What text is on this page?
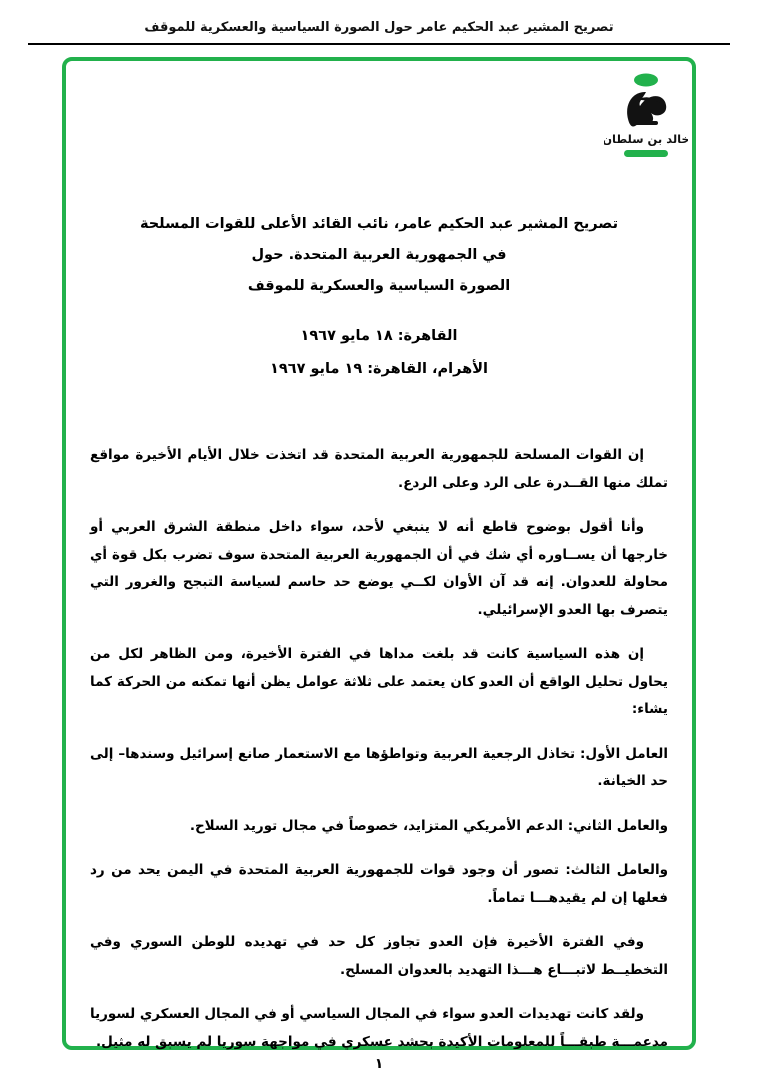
تصريح المشير عبد الحكيم عامر حول الصورة السياسية والعسكرية للموقف
خالد بن سلطان
تصريح المشير عبد الحكيم عامر، نائب القائد الأعلى للقوات المسلحة
في الجمهورية العربية المتحدة. حول
الصورة السياسية والعسكرية للموقف
القاهرة: ١٨ مايو ١٩٦٧
الأهرام، القاهرة: ١٩ مايو ١٩٦٧

إن القوات المسلحة للجمهورية العربية المتحدة قد اتخذت خلال الأيام الأخيرة مواقع تملك منها القــدرة على الرد وعلى الردع.

وأنا أقول بوضوح قاطع أنه لا ينبغي لأحد، سواء داخل منطقة الشرق العربي أو خارجها أن يســاوره أي شك في أن الجمهورية العربية المتحدة سوف تضرب بكل قوة أي محاولة للعدوان. إنه قد آن الأوان لكــي يوضع حد حاسم لسياسة التبجح والغرور التي يتصرف بها العدو الإسرائيلي.

إن هذه السياسية كانت قد بلغت مداها في الفترة الأخيرة، ومن الظاهر لكل من يحاول تحليل الواقع أن العدو كان يعتمد على ثلاثة عوامل يظن أنها تمكنه من الحركة كما يشاء:

العامل الأول: تخاذل الرجعية العربية وتواطؤها مع الاستعمار صانع إسرائيل وسندها– إلى حد الخيانة.

والعامل الثاني: الدعم الأمريكي المتزايد، خصوصاً في مجال توريد السلاح.

والعامل الثالث: تصور أن وجود قوات للجمهورية العربية المتحدة في اليمن يحد من رد فعلها إن لم يقيدهـــا تماماً.

وفي الفترة الأخيرة فإن العدو تجاوز كل حد في تهديده للوطن السوري وفي التخطيــط لاتبـــاع هـــذا التهديد بالعدوان المسلح.

ولقد كانت تهديدات العدو سواء في المجال السياسي أو في المجال العسكري لسوريا مدعمـــة طبقـــاً للمعلومات الأكيدة بحشد عسكري في مواجهة سوريا لم يسبق له مثيل.

١
